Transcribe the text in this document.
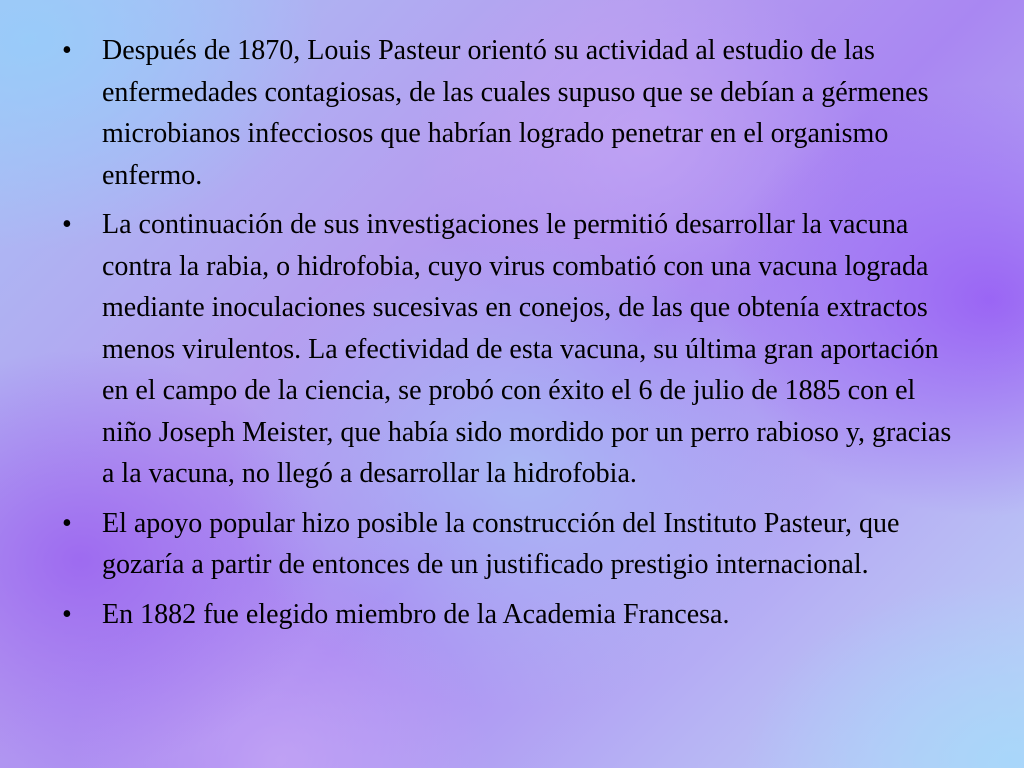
•	Después de 1870, Louis Pasteur orientó su actividad al estudio de las enfermedades contagiosas, de las cuales supuso que se debían a gérmenes microbianos infecciosos que habrían logrado penetrar en el organismo enfermo.
•	La continuación de sus investigaciones le permitió desarrollar la vacuna contra la rabia, o hidrofobia, cuyo virus combatió con una vacuna lograda mediante inoculaciones sucesivas en conejos, de las que obtenía extractos menos virulentos. La efectividad de esta vacuna, su última gran aportación en el campo de la ciencia, se probó con éxito el 6 de julio de 1885 con el niño Joseph Meister, que había sido mordido por un perro rabioso y, gracias a la vacuna, no llegó a desarrollar la hidrofobia.
•	El apoyo popular hizo posible la construcción del Instituto Pasteur, que gozaría a partir de entonces de un justificado prestigio internacional.
•	En 1882 fue elegido miembro de la Academia Francesa.
